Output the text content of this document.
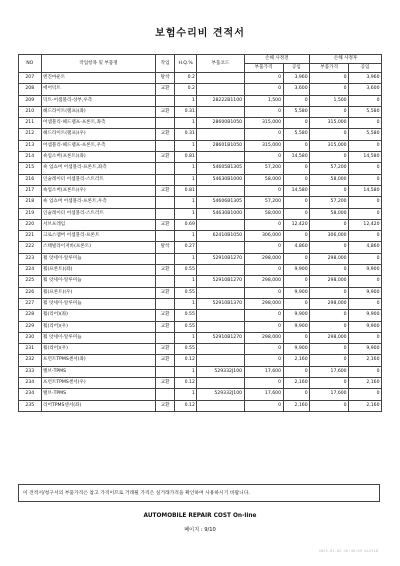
보험수리비 견적서
NO	작업항목 및 부품명	작업	H.Q.%	부품코드	손해 사정전		손해 사정후	
					부품가격	공임	부품가격	공임
207	엔진마운트	탈착	0.2		0	3,960	0	3,960
208	에어덕트	교환	0.2		0	3,600	0	3,600
209	덕트-어셈블리-상부,우측		1	28222B1100	1,500	0	1,500	0
210	헤드라이트(램프)(좌)	교환	0.31		0	5,580	0	5,580
211	어셈블리-헤드램프-프론트,좌측		1	28600B1050	315,000	0	315,000	0
212	헤드라이트(램프)(우)	교환	0.31		0	5,580	0	5,580
213	어셈블리-헤드램프-프론트,우측		1	28601B1050	315,000	0	315,000	0
214	쇽업소버(프론트)(좌)	교환	0.81		0	14,580	0	14,580
215	쇽 업쇼버 어셈블리-프론트,좌측		1	54605B1305	57,200	0	57,200	0
216	인슐레이터 어셈블리-스트러트		1	54630B1000	58,000	0	58,000	0
217	쇽업소버(프론트)(우)	교환	0.81		0	14,580	0	14,580
218	쇽 업쇼버 어셈블리-프론트,우측		1	54606B1305	57,200	0	57,200	0
219	인슐레이터 어셈블리-스트러트		1	54630B1000	58,000	0	58,000	0
220	서브프레임	교환	0.69		0	12,420	0	12,420
221	크로스멤버 어셈블리-프론트		1	62410B1050	306,000	0	306,000	0
222	스태빌라이저바(프론트)	탈착	0.27		0	4,860	0	4,860
223	휠 앗세이-알루미늄		1	52910B1270	298,000	0	298,000	0
224	휠(프론트)(좌)	교환	0.55		0	9,900	0	9,900
225	휠 앗세이-알루미늄		1	52910B1270	298,000	0	298,000	0
226	휠(프론트)(우)	교환	0.55		0	9,900	0	9,900
227	휠 앗세이-알루미늄		1	52910B1370	298,000	0	298,000	0
228	휠(리어)(좌)	교환	0.55		0	9,900	0	9,900
229	휠(리어)(우)	교환	0.55		0	9,900	0	9,900
230	휠 앗세이-알루미늄		1	52910B1270	298,000	0	298,000	0
231	휠(리어)(우)	교환	0.55		0	9,900	0	9,900
232	프런트TPMS센서(좌)	교환	0.12		0	2,160	0	2,160
233	밸브-TPMS		1	529332J100	17,600	0	17,600	0
234	프런트TPMS센서(우)	교환	0.12		0	2,160	0	2,160
234	밸브-TPMS		1	529332J100	17,600	0	17,600	0
235	리어TPMS센서(좌)	교환	0.12		0	2,160	0	2,160
이 견적서/청구서의 부품가격은 참고 가격이므로 거래될 가격은 실거래가격을 확인하여 사용하시기 바랍니다.
AUTOMOBILE REPAIR COST On-line
페이지 : 9/10
2023-01-02 16:40:09 A12310
